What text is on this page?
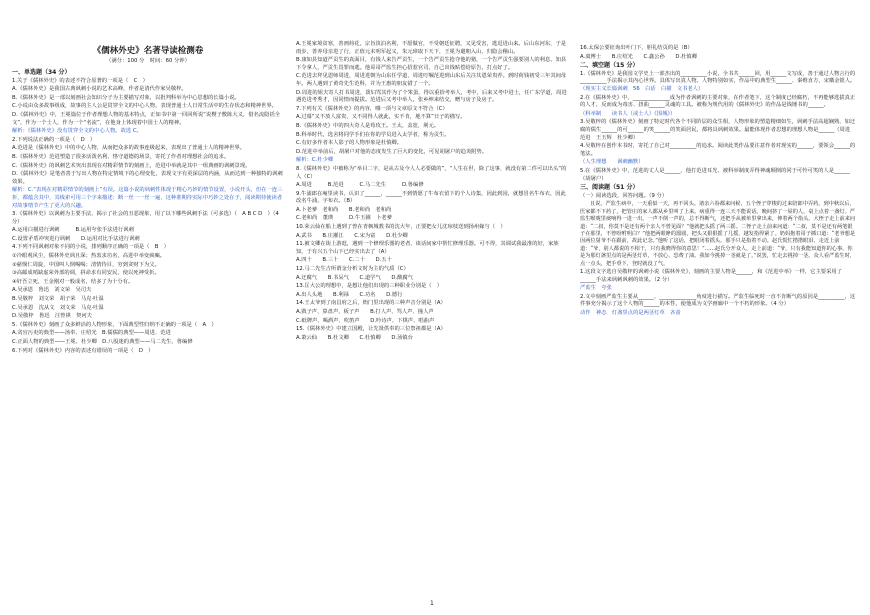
《儒林外史》名著导读检测卷
（满分：100 分　时间：60 分钟）
一、单选题（34 分）
1.关于《儒林外史》的表述不符合原著的一项是（　C　）
A.《儒林外史》是我国古典讽刺小说的艺术高峰，作者是清代作家吴敬梓。
B.《儒林外史》是一部以刻画社会知识分子为主要描写对象，以批判科举为中心思想的长篇小说。
C.小说由众多故事组成，故事的主人公是贯穿全文的中心人物，表现普通士人日常生活中的生存状态和精神世界。
D.《儒林外史》中，王冕篇位于作者理想人物的基本特点，正如书中第一回回所说“说楔子敷陈大义，借名流隐括全文”，作为一个士人，作为一个“名流”，在他身上体现着中国士人的精神。
解析：《儒林外史》没有贯穿全文的中心人物。故选 C。
2.下列说法正确的一项是（　D　）
A.范进是《儒林外史》中的中心人物，从而把众多的故事连级起来，表现出了普通士人的精神世界。
B.《儒林外史》范进塑造了很多活泼名利、恪守道德的场景，寄托了作者对理想社会的追求。
C.《儒林外史》的讽刺艺术突出表现在对精彩情节的刻画上，范进中举就是其中一组典画的讽刺景现。
D.《儒林外史》是笔者善于写出人物在特定情境下的心理变化，表现文字有更深层的内涵，从而达到一种独特的讽刺效果。
解析：C.“表现在对精彩情节的刻画上”有误。这篇小说的讽刺性体现于精心巧妙的情节设置，小说开头，但在一连三折，都蕴含其中，其线索可用三个字来描述：断一丝一一丝一遍，这种准期待实际中巧妙之处在于，阅读期待使读者对故事情节产生了更大的兴趣。
3.《儒林外史》以讽刺为主要手法，揭示了社会的丑恶现象，用了以下哪些讽刺手法（可多选）（　A B C D　）（4 分）
A.运用白描进行讽刺　　　B.运用夸张手法进行讽刺
C.设置矛盾冲突进行讽刺　　D.运用对比手法进行讽刺
4.下列不同讽刺对象不同的小说，排列顺序正确的一项是（　B　）
①冷眼观风尘，儒林外史讽且深；热衷求功名，高进中举变疯癫。
②慈悯仁周旋，中国叫人倒喝喝；清情待目，穷到贪财下为父。
③高邮成哨缺虚荣外部的调，拼命求有同安民，使以死神受折。
④奸吾立死，王金刚对一般成名，结多了为十分有。
A.吴承恩　鲁迅　刘文荣　吴司夫
B.吴敬梓　刘文荣　胡子荣　马克·吐温
C.吴承恩　沈从文　刘文荣　马克·吐温
D.吴敬梓　鲁迅　汪曾祺　契诃夫
5.《儒林外史》刻画了众多鲜活的人物形象，下面典型性归纳不正确的一项是（　A　）
A.贪官污吏的典型——汤奉、庄绍光　B.儒儒的典型——周进、范进
C.正面人物的典型——王冕、杜少卿　D.八股迷的典型——马二先生、鲁编修
6.下列对《儒林外史》内容的表述有错误的一项是（　D　）
A.王冕家境贫寒，善画荷花，宗旨淡泊名利，不愿做官，不受朝廷征聘，又见受害，逃逗进山来。后山东河东，于是雨步，善养母亲进了行，正值元末明军起义，朱元璋取下天下，王冕为避朝入山，归隐会稽山。
B.康如县知道严贡生的真面目，有钱人来告严贡生，一个告严贡生抢夺他的猪，一个告严贡生强要别人的利息，知县下令拿人，严贡生畏罪而逃。他哥哥严监生担心招惹官司，自己出钱贴偿给原告，打点好了。
C.范进去拜见恩师周进，周进进朝为山东任学道，周进叮嘱范进到山东后关注其恩荣贵荐。到时荷钱初受三年其间母年。两人遇到了黄奇先生范科，并为王惠的朋友错了一个。
D.周进的姐夫寄人打书周进，泼妇骂其作为了个笨蛋，得以重拾考举人，考中，后来又考中进士，任广东学道，周进遇范进考秀才，因同情而提拔。范进后又考中举人，张乡绅来结交，赠与房子及房子。
7.下列有关《儒林外史》的内容，哪一项与文章原文不符合（C）
A.过幕“又不放人富贵，又不同得人就此，实不肯，地不算”日子的描写。
B.《儒林外史》中的四大奇人是荀玫王。王太，盖宽，荆元。
B.科举时代，选舍将同学手们在你的学员进入太学者，称为贡生。
C.有好多作者本人影子的人物形象是杜慎卿。
D.范进中举前后，胡屠户对他的态度发生了巨大的变化，可见胡屠户的趋炎附势。
解析：C.杜少卿
8.《儒林外史》中被称为“举目二字，是从古及今人人必要做的”，“人生在世，除了这事，就没有第二件可以出头”的人（C）
A.周进　　　B.范进　　　C.马二先生　　　D.鲁编修
9.牛浦郎在庵里读书，认识了______，______不到情愿了牛布衣留下的个人诗集，因此到园，就想冒名牛布衣，因此改名牛浦，字布衣。（B）
A.卜老爹　老和尚　　B.老和尚　老和尚
C.老和尚　董瑛　　　D.牛玉圃　卜老爹
10.荣云仙在船上遇到了曾在青枫城教书的沈大年，正要把女儿沈琼枝送到扬州嫁与（　）
A.武书　　B.庄濯江　　C.宋为富　　D.杜少卿
11.被文卿在街上游逛，遇到一个修理乐器的老者，谈话间家中帮忙修理乐器。可不得，其调试我最准的好，家族知，于有兴五个山下已经实出去了（A）
A.四十　　B.三十　　C.二十　　D.五十
12.马二先生吉所谓金分析文时为主的气质（C）
A.迂腐气　　B.书呆气　　C.道学气　　D.酸腐气
13.匡大公的理想中，是想让他们出现的三种职业分别是（　）
A.出人头地　　B.利禄　　C.功名　　D.德行
14.王太爷到了南昌府之后，衙门里出现的三种声音分别是（A）
A.戥子声、算盘声、板子声　　B.打人声、骂人声、撞人声
C.纸牌声、喝酒声、吹笛声　　D.吟诗声、下棋声、唱曲声
15.《儒林外史》中建立国殿，让先贤供奉的三位祭祖都是（A）
A.萧云仙　　B.杜文卿　　C.杜慎卿　　D.汤镇台
16.太保公要征询出叶门下，胆礼结页的是（B）
A.虞博士　　B.庄绍光　　C.鑫公孙　　D.杜慎卿
二、填空题（15 分）
1.《儒林外史》是我国文学史上一部杰出的__________小说，全书共______回，用______文写成，善于通过人物言行的__________手法揭示其内心世界。具体写出真人物。人物特别如实，作品中的典型生______、秦维直方，宋徽金银人。（现实主义长篇讽刺　56　白话　白描　文书老人）
2.在《儒林外史》中，______________成为作者讽刺的主要对象，在作者笔下，这个制度已经腐朽，不再能够选拔真正的人才，反而成为毒害、扭曲______灵魂的工具。被称为规代用的《儒林外史》的作品是钱锺书的______。
（科举制　　读书人（或士人）《围城》）
3.吴敬梓的《儒林外史》刻画了特定时代各个不同阶层的众生相，人物形象的塑造精细如生，讽刺手法高超娴熟，如迂腐的儒生______的可______的笑______的笑面居民，都将具讽刺效果。最能体现作者思想的理想人物是______（周进　范进　王玉辉　杜少卿）
4.吴敬梓在创作本书时，寄托了自己对__________的追求。阅读此类作品要注意作者对现实的______，要领会______的笔法。
（人生理想　　讽刺幽默）
5.在《儒林外史》中，范进的丈人是______，他打范进耳光、被科举制度弄得神魂颠倒的同于可怜可笑的人是______（胡屠户）
三、阅读题（51 分）
（一）阅读选段，回答问题。（9 分）
且说，严监生病中，一天重似一天，再不回头。诸亲六眷都来问候，五个侄子穿梭的过来陪郎中弄药。到中秋以后，医家都不下药了，把管庄的家人都从乡里叫了上来。病重得一连三天不能说话。晚间挤了一屋的人，桌上点着一盏灯。严监生喉咙里痰响得一进一出，一声不倒一声的，总不得断气，还把手从被单里拿出来，伸着两个指头。大侄子走上前来问道：“二叔，你莫不是还有两个亲人不曾见面？”他就把头摇了两三摇。二侄子走上前来问道：“二叔，莫不是还有两笔银子在那里，不曾吩咐明白？”他把两眼睁的溜圆，把头又狠狠摇了几摇，越发指得紧了。奶妈抱着哥子插口道：“老爷想是因两位舅爷不在跟前，故此记念。”他听了这话，把眼闭着摇头。那手只是指着不动。赵氏慌忙揩揩眼泪，走近上前道：“爷，别人都说的不相干，只有我晓得你的意思！”……赵氏分开众人，走上前道：“爷，只有我能知道你的心事。你是为那灯盏里点的是两茎灯草，不放心，恐费了油。我如今挑掉一茎就是了。”说罢，忙走去挑掉一茎。众人看严监生时，点一点头，把手垂下，登时就没了气。
1.这段文字选自吴敬梓的讽刺小说《儒林外史》，刻画的主要人物是______，和《范进中举》一样，它主要采用了______手法来讽刺讽刺的效果。（2 分）
严监生　夸张
2.文中刻画严监生主要从______、______________角度进行描写。严监生临死时一直不肯断气的原因是__________，这件事充分揭示了这个人物的______的本性，使他成为文学画廊中一个不朽的形象。（4 分）
动作　神态　灯盏里点的是两茎灯草　吝啬
1
